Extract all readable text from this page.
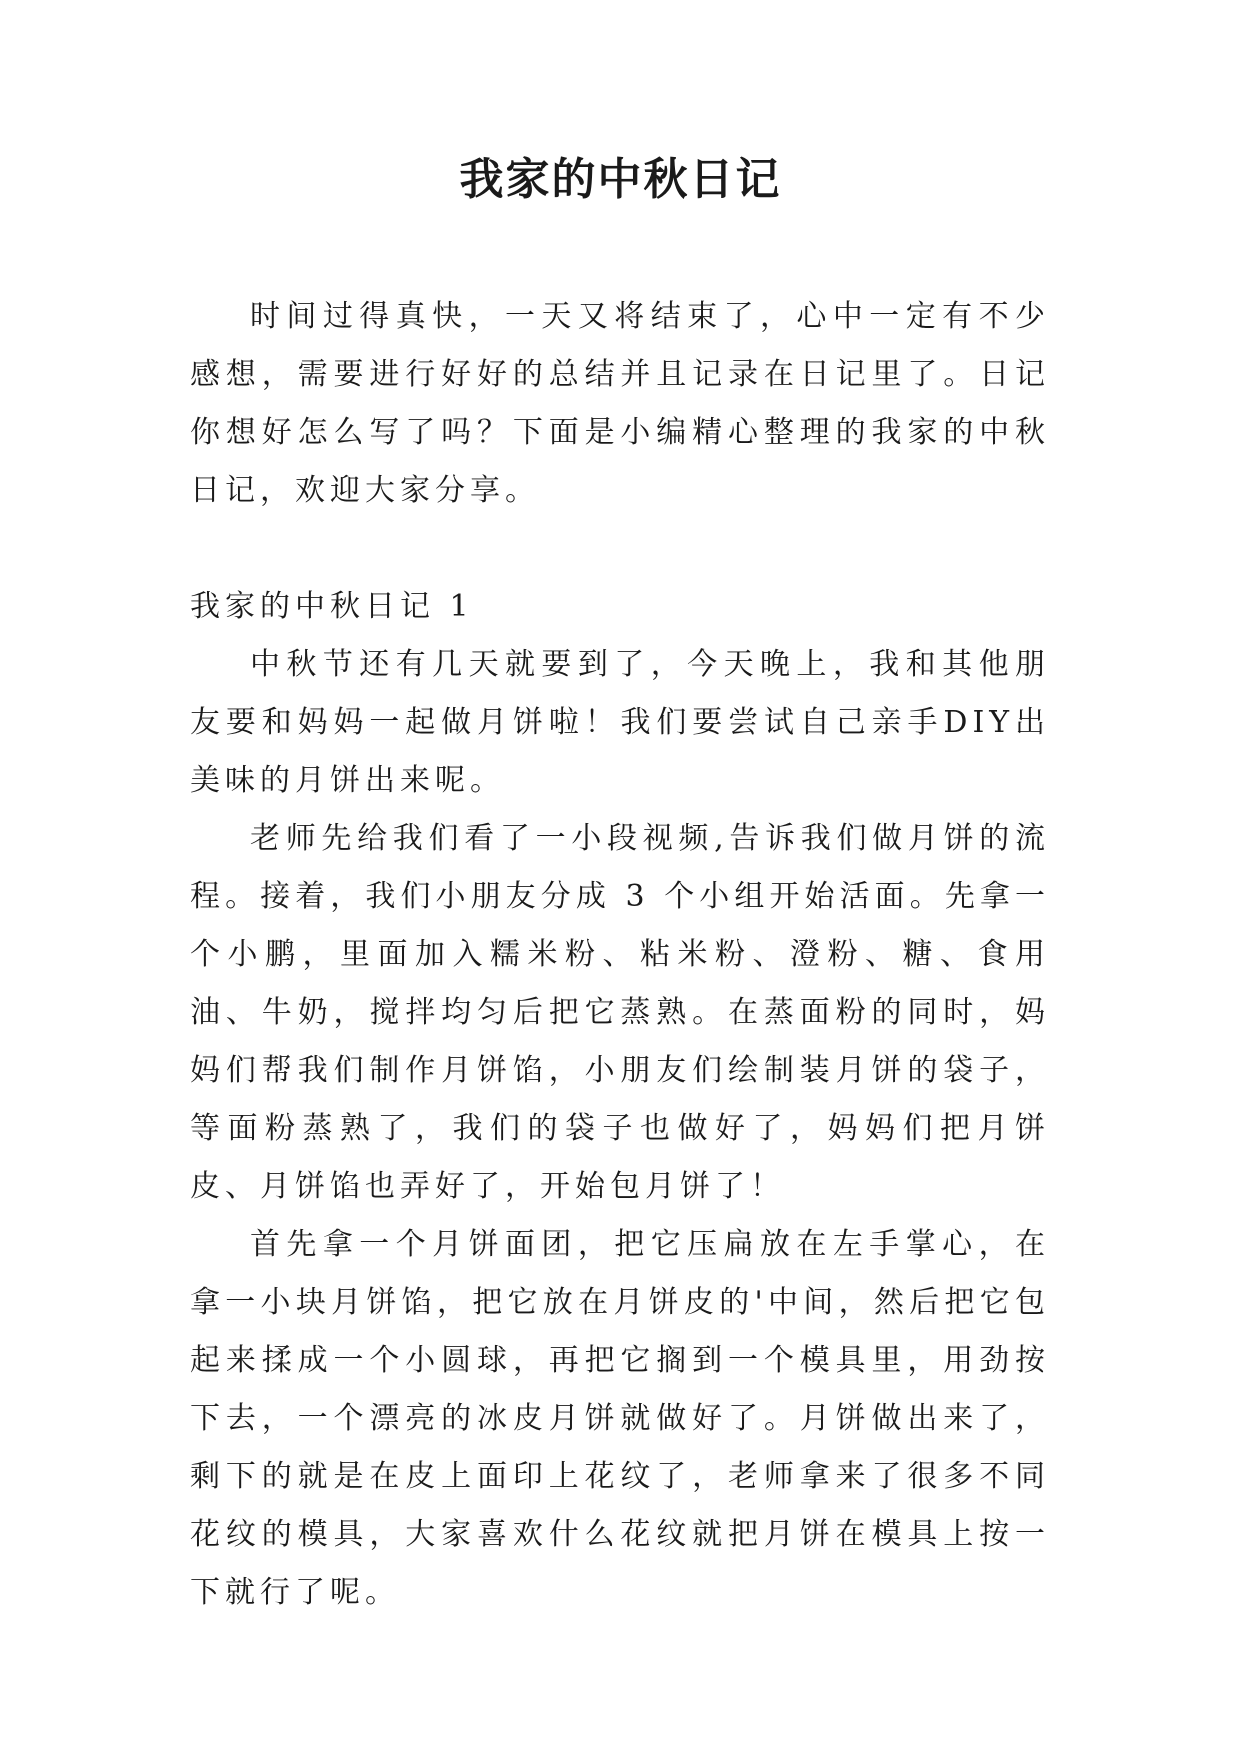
我家的中秋日记

时间过得真快，一天又将结束了，心中一定有不少感想，需要进行好好的总结并且记录在日记里了。日记你想好怎么写了吗？下面是小编精心整理的我家的中秋日记，欢迎大家分享。

我家的中秋日记 1

中秋节还有几天就要到了，今天晚上，我和其他朋友要和妈妈一起做月饼啦！我们要尝试自己亲手DIY出美味的月饼出来呢。

老师先给我们看了一小段视频,告诉我们做月饼的流程。接着，我们小朋友分成 3 个小组开始活面。先拿一个小鹏，里面加入糯米粉、粘米粉、澄粉、糖、食用油、牛奶，搅拌均匀后把它蒸熟。在蒸面粉的同时，妈妈们帮我们制作月饼馅，小朋友们绘制装月饼的袋子，等面粉蒸熟了，我们的袋子也做好了，妈妈们把月饼皮、月饼馅也弄好了，开始包月饼了！

首先拿一个月饼面团，把它压扁放在左手掌心，在拿一小块月饼馅，把它放在月饼皮的'中间，然后把它包起来揉成一个小圆球，再把它搁到一个模具里，用劲按下去，一个漂亮的冰皮月饼就做好了。月饼做出来了，剩下的就是在皮上面印上花纹了，老师拿来了很多不同花纹的模具，大家喜欢什么花纹就把月饼在模具上按一下就行了呢。
